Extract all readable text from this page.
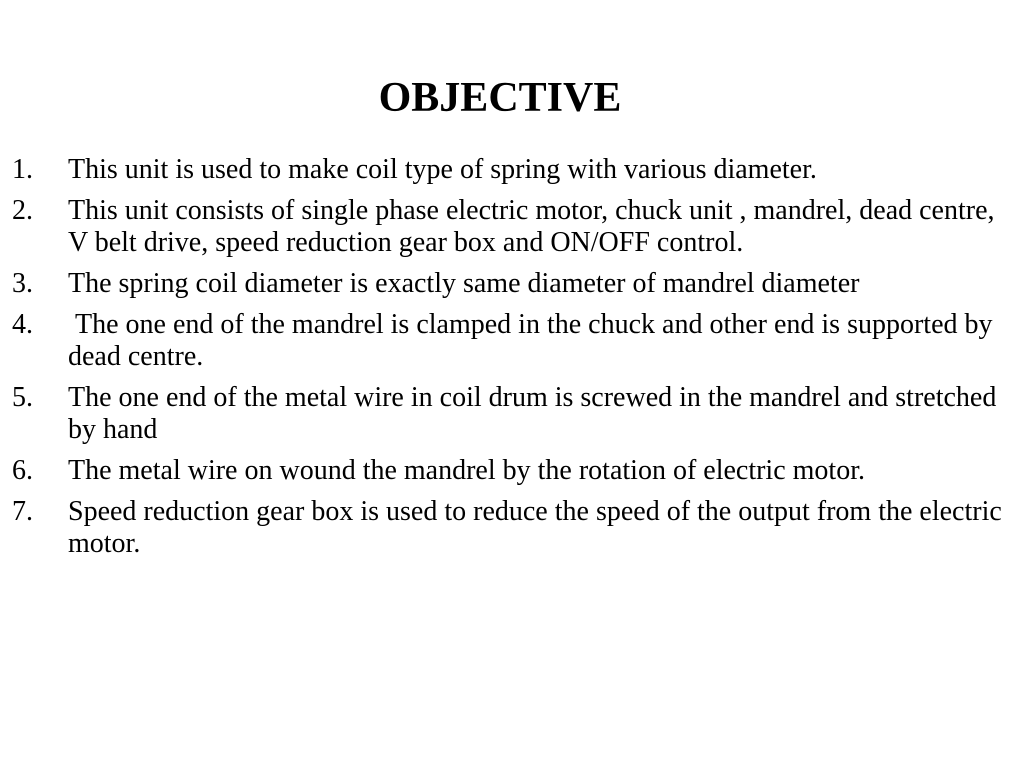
OBJECTIVE
1. This unit is used to make coil type of spring with various diameter.
2. This unit consists of single phase electric motor, chuck unit , mandrel, dead centre, V belt drive, speed reduction gear box and ON/OFF control.
3. The spring coil diameter is exactly same diameter of mandrel diameter
4. The one end of the mandrel is clamped in the chuck and other end is supported by dead centre.
5. The one end of the metal wire in coil drum is screwed in the mandrel and stretched by hand
6. The metal wire on wound the mandrel by the rotation of electric motor.
7. Speed reduction gear box is used to reduce the speed of the output from the electric motor.
